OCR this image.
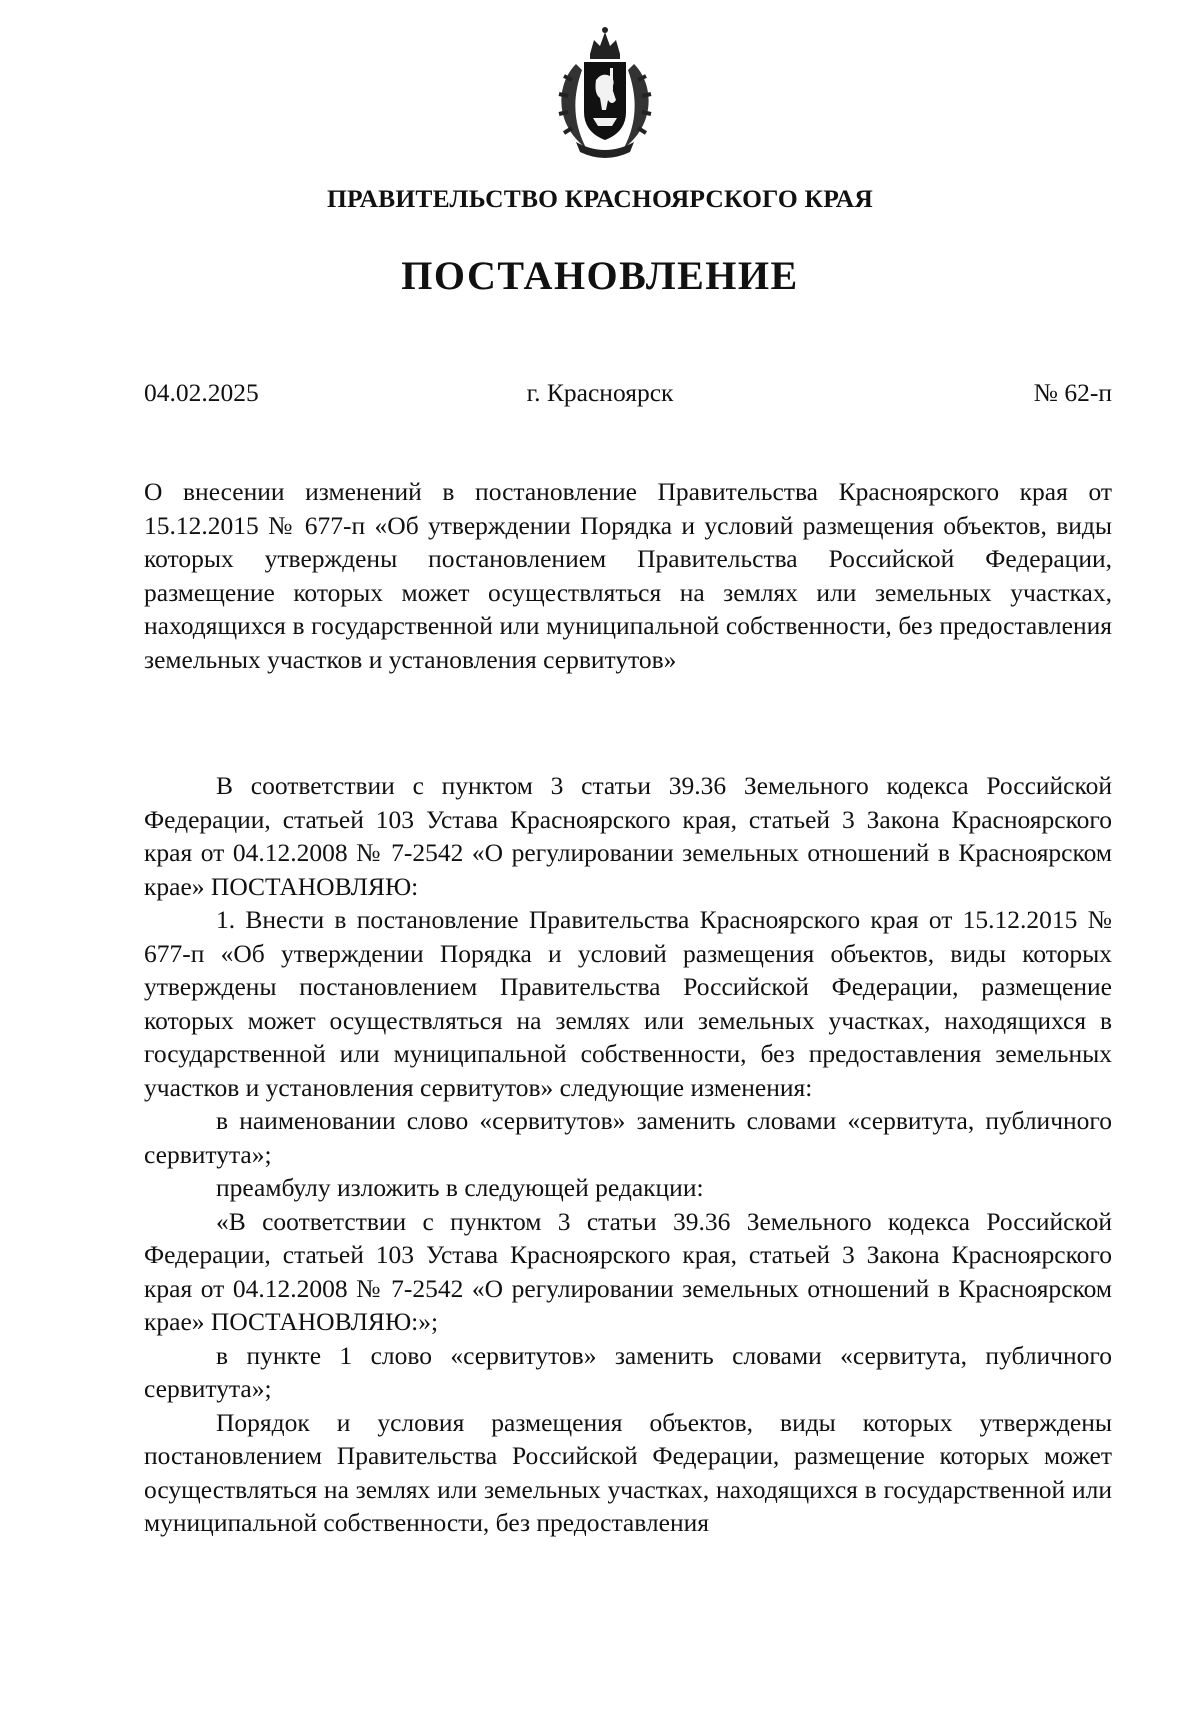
ПРАВИТЕЛЬСТВО КРАСНОЯРСКОГО КРАЯ
ПОСТАНОВЛЕНИЕ
04.02.2025	г. Красноярск	№ 62-п
О внесении изменений в постановление Правительства Красноярского края от 15.12.2015 № 677-п «Об утверждении Порядка и условий размещения объектов, виды которых утверждены постановлением Правительства Российской Федерации, размещение которых может осуществляться на землях или земельных участках, находящихся в государственной или муниципальной собственности, без предоставления земельных участков и установления сервитутов»

В соответствии с пунктом 3 статьи 39.36 Земельного кодекса Российской Федерации, статьей 103 Устава Красноярского края, статьей 3 Закона Красноярского края от 04.12.2008 № 7-2542 «О регулировании земельных отношений в Красноярском крае» ПОСТАНОВЛЯЮ:

1. Внести в постановление Правительства Красноярского края от 15.12.2015 № 677-п «Об утверждении Порядка и условий размещения объектов, виды которых утверждены постановлением Правительства Российской Федерации, размещение которых может осуществляться на землях или земельных участках, находящихся в государственной или муниципальной собственности, без предоставления земельных участков и установления сервитутов» следующие изменения:

в наименовании слово «сервитутов» заменить словами «сервитута, публичного сервитута»;

преамбулу изложить в следующей редакции:

«В соответствии с пунктом 3 статьи 39.36 Земельного кодекса Российской Федерации, статьей 103 Устава Красноярского края, статьей 3 Закона Красноярского края от 04.12.2008 № 7-2542 «О регулировании земельных отношений в Красноярском крае» ПОСТАНОВЛЯЮ:»;

в пункте 1 слово «сервитутов» заменить словами «сервитута, публичного сервитута»;

Порядок и условия размещения объектов, виды которых утверждены постановлением Правительства Российской Федерации, размещение которых может осуществляться на землях или земельных участках, находящихся в государственной или муниципальной собственности, без предоставления
